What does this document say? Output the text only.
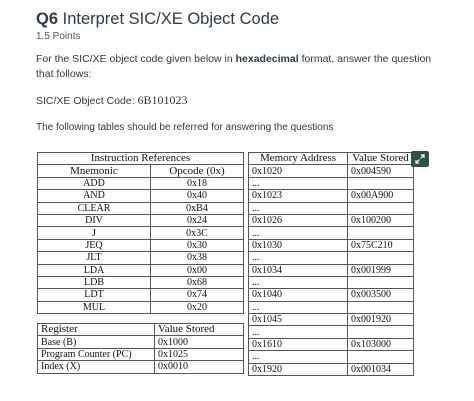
Q6 Interpret SIC/XE Object Code
1.5 Points
For the SIC/XE object code given below in hexadecimal format, answer the question that follows:
SIC/XE Object Code: 6B101023
The following tables should be referred for answering the questions
Instruction References	
Mnemonic	Opcode (0x)
ADD	0x18
AND	0x40
CLEAR	0xB4
DIV	0x24
J	0x3C
JEQ	0x30
JLT	0x38
LDA	0x00
LDB	0x68
LDT	0x74
MUL	0x20
Register	Value Stored
Base (B)	0x1000
Program Counter (PC)	0x1025
Index (X)	0x0010
Memory Address	Value Stored
0x1020	0x004590
...	
0x1023	0x00A900
...	
0x1026	0x100200
...	
0x1030	0x75C210
...	
0x1034	0x001999
...	
0x1040	0x003500
...	
0x1045	0x001920
...	
0x1610	0x103000
...	
0x1920	0x001034
